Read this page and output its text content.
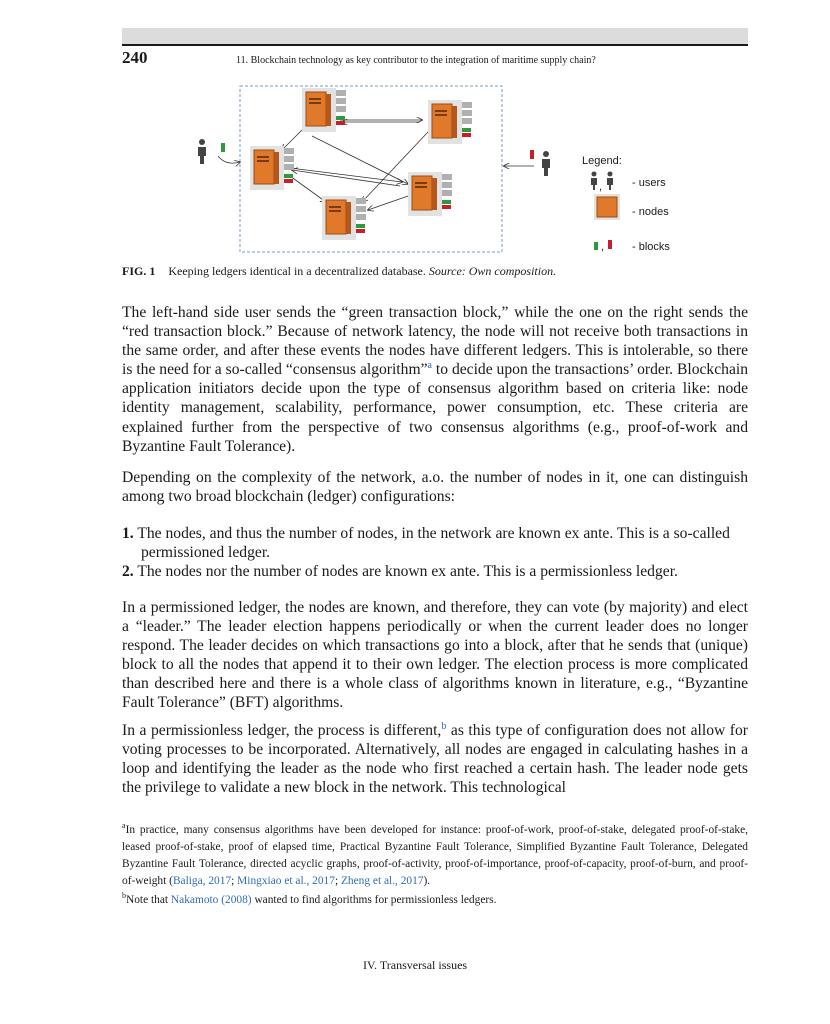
240	11. Blockchain technology as key contributor to the integration of maritime supply chain?
Legend:
,	- users
- nodes
,	- blocks
FIG. 1 Keeping ledgers identical in a decentralized database. Source: Own composition.

The left-hand side user sends the “green transaction block,” while the one on the right sends the “red transaction block.” Because of network latency, the node will not receive both transactions in the same order, and after these events the nodes have different ledgers. This is intolerable, so there is the need for a so-called “consensus algorithm”$^a$ to decide upon the transactions’ order. Blockchain application initiators decide upon the type of consensus algorithm based on criteria like: node identity management, scalability, performance, power consumption, etc. These criteria are explained further from the perspective of two consensus algorithms (e.g., proof-of-work and Byzantine Fault Tolerance).

Depending on the complexity of the network, a.o. the number of nodes in it, one can distinguish among two broad blockchain (ledger) configurations:

1. The nodes, and thus the number of nodes, in the network are known ex ante. This is a so-called permissioned ledger.
2. The nodes nor the number of nodes are known ex ante. This is a permissionless ledger.

In a permissioned ledger, the nodes are known, and therefore, they can vote (by majority) and elect a “leader.” The leader election happens periodically or when the current leader does no longer respond. The leader decides on which transactions go into a block, after that he sends that (unique) block to all the nodes that append it to their own ledger. The election process is more complicated than described here and there is a whole class of algorithms known in literature, e.g., “Byzantine Fault Tolerance” (BFT) algorithms.

In a permissionless ledger, the process is different,$^b$ as this type of configuration does not allow for voting processes to be incorporated. Alternatively, all nodes are engaged in calculating hashes in a loop and identifying the leader as the node who first reached a certain hash. The leader node gets the privilege to validate a new block in the network. This technological

$^a$In practice, many consensus algorithms have been developed for instance: proof-of-work, proof-of-stake, delegated proof-of-stake, leased proof-of-stake, proof of elapsed time, Practical Byzantine Fault Tolerance, Simplified Byzantine Fault Tolerance, Delegated Byzantine Fault Tolerance, directed acyclic graphs, proof-of-activity, proof-of-importance, proof-of-capacity, proof-of-burn, and proof-of-weight (Baliga, 2017; Mingxiao et al., 2017; Zheng et al., 2017).

$^b$Note that Nakamoto (2008) wanted to find algorithms for permissionless ledgers.

IV. Transversal issues
